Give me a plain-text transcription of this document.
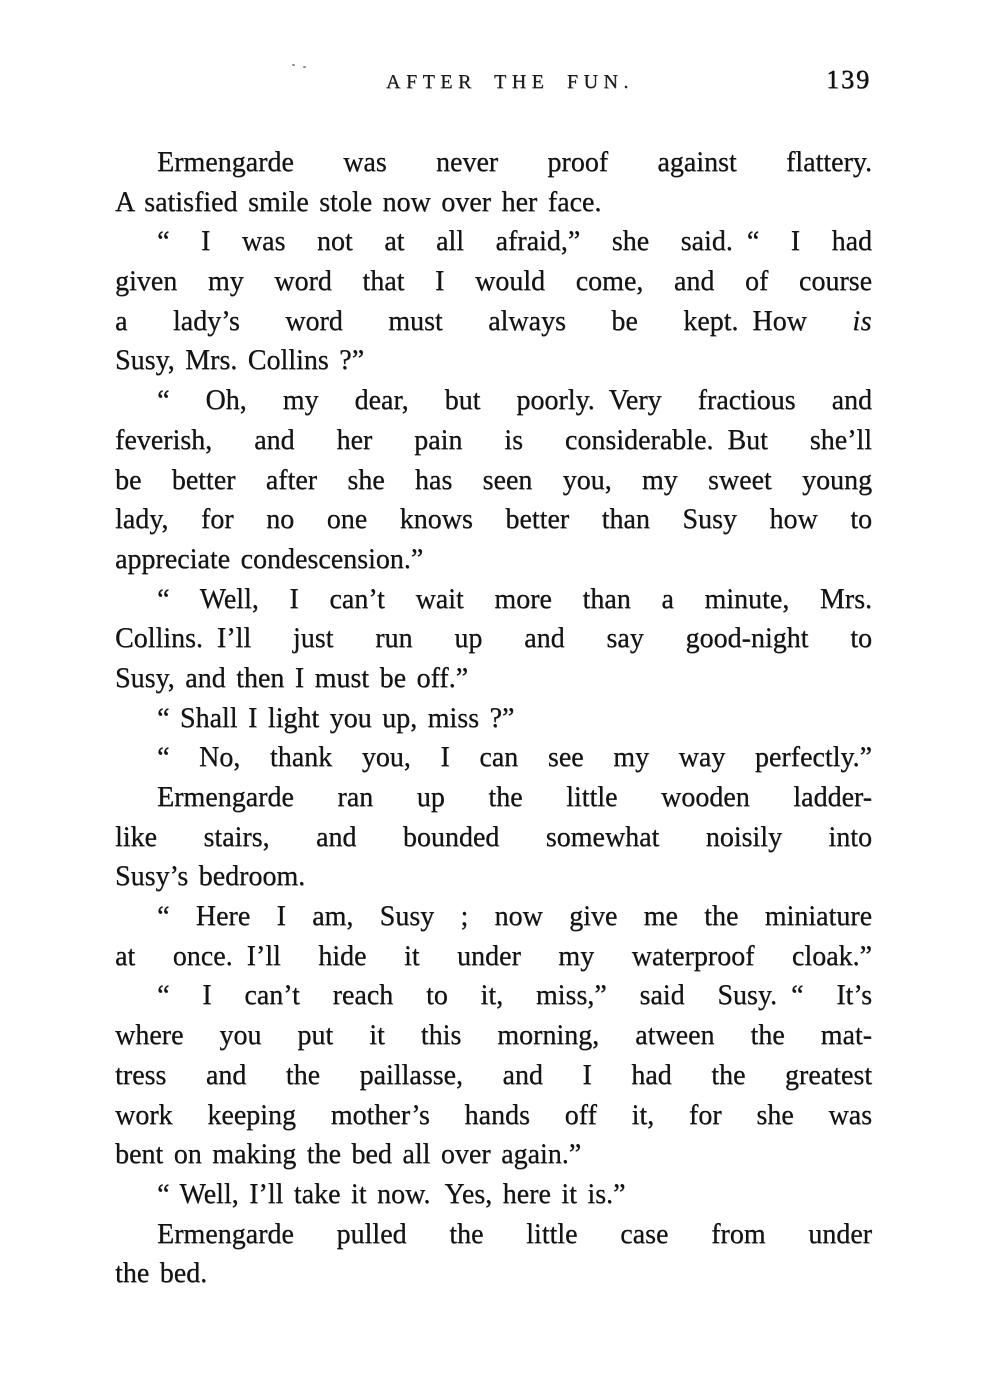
AFTER THE FUN.	139
Ermengarde was never proof against flattery.
A satisfied smile stole now over her face.
“ I was not at all afraid,” she said. “ I had
given my word that I would come, and of course
a lady’s word must always be kept. How is
Susy, Mrs. Collins ?”
“ Oh, my dear, but poorly. Very fractious and
feverish, and her pain is considerable. But she’ll
be better after she has seen you, my sweet young
lady, for no one knows better than Susy how to
appreciate condescension.”
“ Well, I can’t wait more than a minute, Mrs.
Collins. I’ll just run up and say good-night to
Susy, and then I must be off.”
“ Shall I light you up, miss ?”
“ No, thank you, I can see my way perfectly.”
Ermengarde ran up the little wooden ladder-
like stairs, and bounded somewhat noisily into
Susy’s bedroom.
“ Here I am, Susy ; now give me the miniature
at once. I’ll hide it under my waterproof cloak.”
“ I can’t reach to it, miss,” said Susy. “ It’s
where you put it this morning, atween the mat-
tress and the paillasse, and I had the greatest
work keeping mother’s hands off it, for she was
bent on making the bed all over again.”
“ Well, I’ll take it now. Yes, here it is.”
Ermengarde pulled the little case from under
the bed.
